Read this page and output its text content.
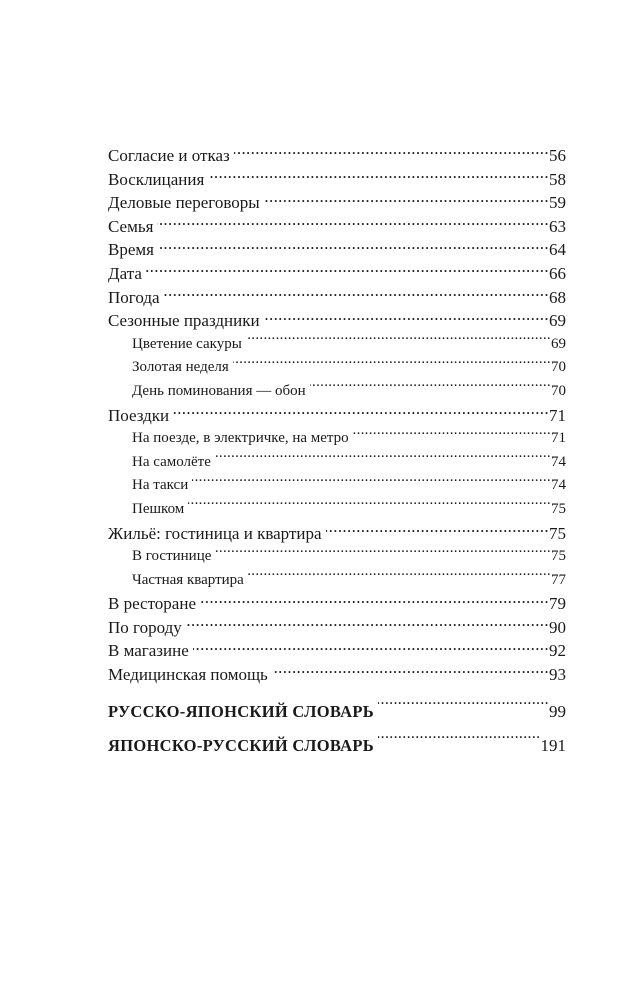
Согласие и отказ .....	56
Восклицания .....	58
Деловые переговоры .....	59
Семья .....	63
Время .....	64
Дата .....	66
Погода .....	68
Сезонные праздники .....	69
Цветение сакуры .....	69
Золотая неделя .....	70
День поминования — обон .....	70
Поездки .....	71
На поезде, в электричке, на метро .....	71
На самолёте .....	74
На такси .....	74
Пешком .....	75
Жильё: гостиница и квартира .....	75
В гостинице .....	75
Частная квартира .....	77
В ресторане .....	79
По городу .....	90
В магазине .....	92
Медицинская помощь .....	93
РУССКО-ЯПОНСКИЙ СЛОВАРЬ .....	99
ЯПОНСКО-РУССКИЙ СЛОВАРЬ .....	191
